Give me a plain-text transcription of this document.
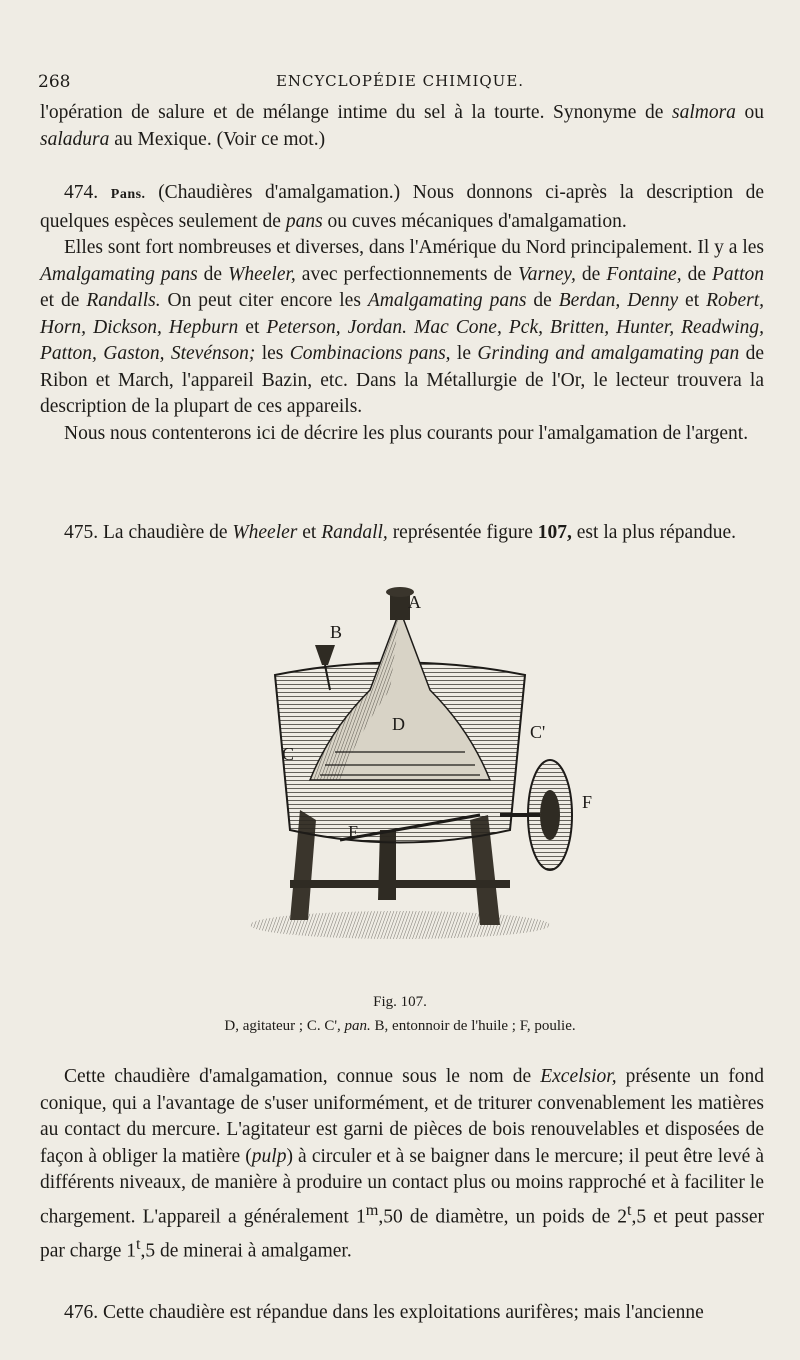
268	ENCYCLOPÉDIE CHIMIQUE.

l'opération de salure et de mélange intime du sel à la tourte. Synonyme de salmora ou saladura au Mexique. (Voir ce mot.)

474. Pans. (Chaudières d'amalgamation.) Nous donnons ci-après la description de quelques espèces seulement de pans ou cuves mécaniques d'amalgamation.

Elles sont fort nombreuses et diverses, dans l'Amérique du Nord principalement. Il y a les Amalgamating pans de Wheeler, avec perfectionnements de Varney, de Fontaine, de Patton et de Randalls. On peut citer encore les Amalgamating pans de Berdan, Denny et Robert, Horn, Dickson, Hepburn et Peterson, Jordan. Mac Cone, Pck, Britten, Hunter, Readwing, Patton, Gaston, Stevénson; les Combinacions pans, le Grinding and amalgamating pan de Ribon et March, l'appareil Bazin, etc. Dans la Métallurgie de l'Or, le lecteur trouvera la description de la plupart de ces appareils.

Nous nous contenterons ici de décrire les plus courants pour l'amalgamation de l'argent.

475. La chaudière de Wheeler et Randall, représentée figure 107, est la plus répandue.

A
B
C
C'
D
E
F
Fig. 107.
D, agitateur ; C. C', pan. B, entonnoir de l'huile ; F, poulie.

Cette chaudière d'amalgamation, connue sous le nom de Excelsior, présente un fond conique, qui a l'avantage de s'user uniformément, et de triturer convenablement les matières au contact du mercure. L'agitateur est garni de pièces de bois renouvelables et disposées de façon à obliger la matière (pulp) à circuler et à se baigner dans le mercure; il peut être levé à différents niveaux, de manière à produire un contact plus ou moins rapproché et à faciliter le chargement. L'appareil a généralement 1$^m$,50 de diamètre, un poids de 2$^t$,5 et peut passer par charge 1$^t$,5 de minerai à amalgamer.

476. Cette chaudière est répandue dans les exploitations aurifères; mais l'ancienne
